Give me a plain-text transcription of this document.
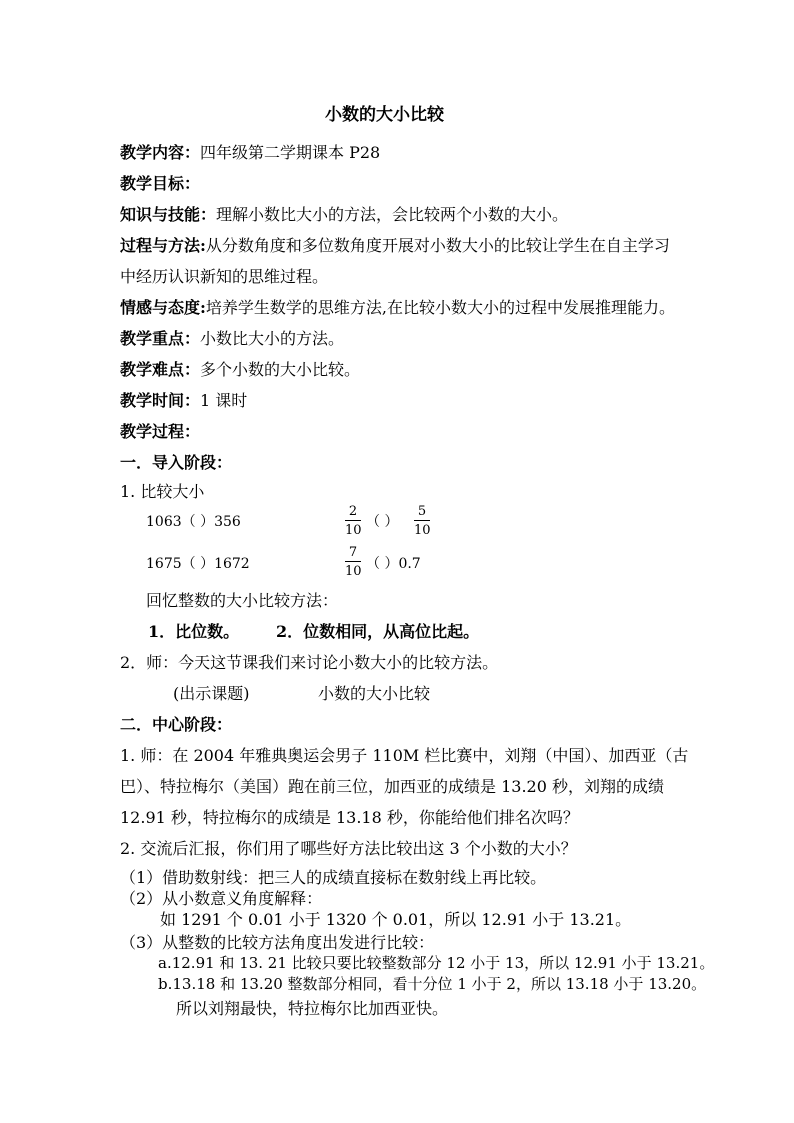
小数的大小比较
教学内容：四年级第二学期课本 P28
教学目标：
知识与技能：理解小数比大小的方法，会比较两个小数的大小。
过程与方法:从分数角度和多位数角度开展对小数大小的比较让学生在自主学习
中经历认识新知的思维过程。
情感与态度:培养学生数学的思维方法,在比较小数大小的过程中发展推理能力。
教学重点：小数比大小的方法。
教学难点：多个小数的大小比较。
教学时间：1 课时
教学过程：
一．导入阶段：
1. 比较大小
1063（ ）356
2
10
（ ）
5
10
1675（ ）1672
7
10 （ ）0.7
回忆整数的大小比较方法：
1．比位数。 2．位数相同，从高位比起。
2．师：今天这节课我们来讨论小数大小的比较方法。
(出示课题)	小数的大小比较
二．中心阶段：
1. 师：在 2004 年雅典奥运会男子 110M 栏比赛中，刘翔（中国）、加西亚（古
巴）、特拉梅尔（美国）跑在前三位，加西亚的成绩是 13.20 秒，刘翔的成绩
12.91 秒，特拉梅尔的成绩是 13.18 秒，你能给他们排名次吗？
2. 交流后汇报，你们用了哪些好方法比较出这 3 个小数的大小？
（1）借助数射线：把三人的成绩直接标在数射线上再比较。
（2）从小数意义角度解释：
如 1291 个 0.01 小于 1320 个 0.01，所以 12.91 小于 13.21。
（3）从整数的比较方法角度出发进行比较：
a.12.91 和 13. 21 比较只要比较整数部分 12 小于 13，所以 12.91 小于 13.21。
b.13.18 和 13.20 整数部分相同，看十分位 1 小于 2，所以 13.18 小于 13.20。
所以刘翔最快，特拉梅尔比加西亚快。
